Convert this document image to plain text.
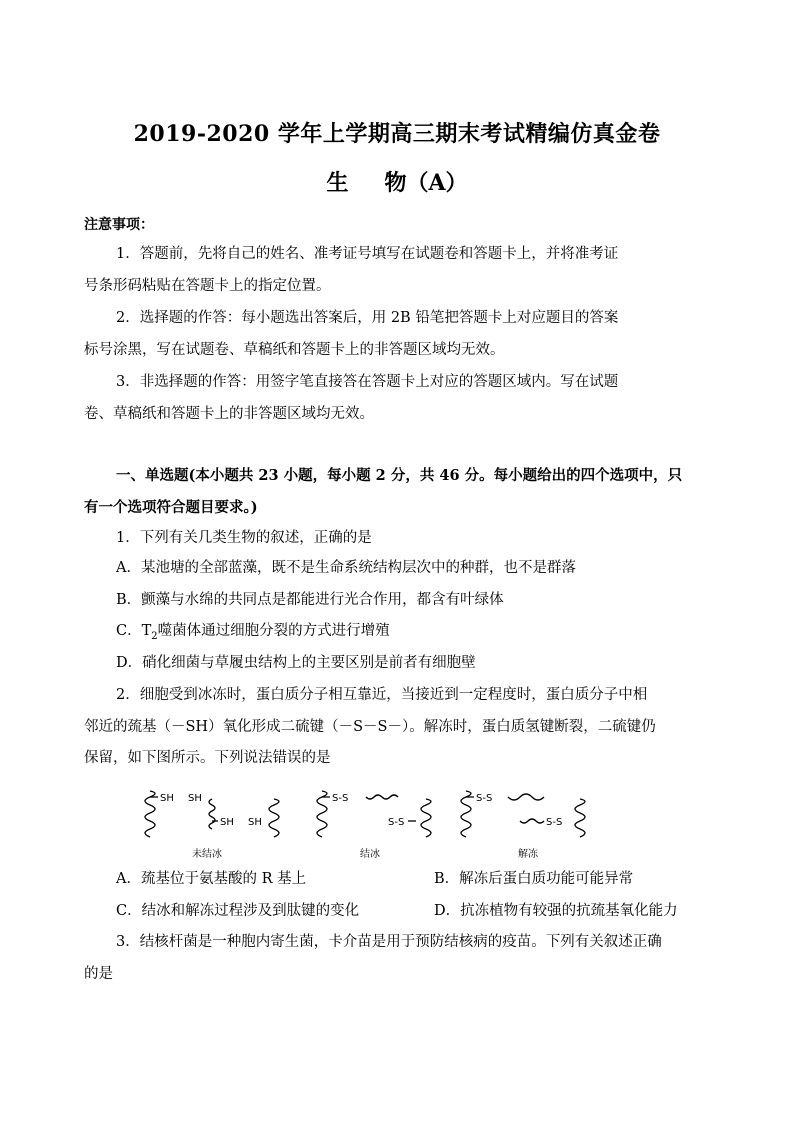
2019-2020 学年上学期高三期末考试精编仿真金卷
生 物（A）
注意事项：
1．答题前，先将自己的姓名、准考证号填写在试题卷和答题卡上，并将准考证
号条形码粘贴在答题卡上的指定位置。
2．选择题的作答：每小题选出答案后，用 2B 铅笔把答题卡上对应题目的答案
标号涂黑，写在试题卷、草稿纸和答题卡上的非答题区域均无效。
3．非选择题的作答：用签字笔直接答在答题卡上对应的答题区域内。写在试题
卷、草稿纸和答题卡上的非答题区域均无效。
一、单选题(本小题共 23 小题，每小题 2 分，共 46 分。每小题给出的四个选项中，只
有一个选项符合题目要求。)
1．下列有关几类生物的叙述，正确的是
A．某池塘的全部蓝藻，既不是生命系统结构层次中的种群，也不是群落
B．颤藻与水绵的共同点是都能进行光合作用，都含有叶绿体
C．$T_2$噬菌体通过细胞分裂的方式进行增殖
D．硝化细菌与草履虫结构上的主要区别是前者有细胞壁
2．细胞受到冰冻时，蛋白质分子相互靠近，当接近到一定程度时，蛋白质分子中相
邻近的巯基（－SH）氧化形成二硫键（－S－S－）。解冻时，蛋白质氢键断裂，二硫键仍
保留，如下图所示。下列说法错误的是
SH SH
SH SH
S-S
S-S
S-S
S-S
未结冰	结冰	解冻
A．巯基位于氨基酸的 R 基上	B．解冻后蛋白质功能可能异常
C．结冰和解冻过程涉及到肽键的变化	D．抗冻植物有较强的抗巯基氧化能力
3．结核杆菌是一种胞内寄生菌，卡介苗是用于预防结核病的疫苗。下列有关叙述正确
的是
